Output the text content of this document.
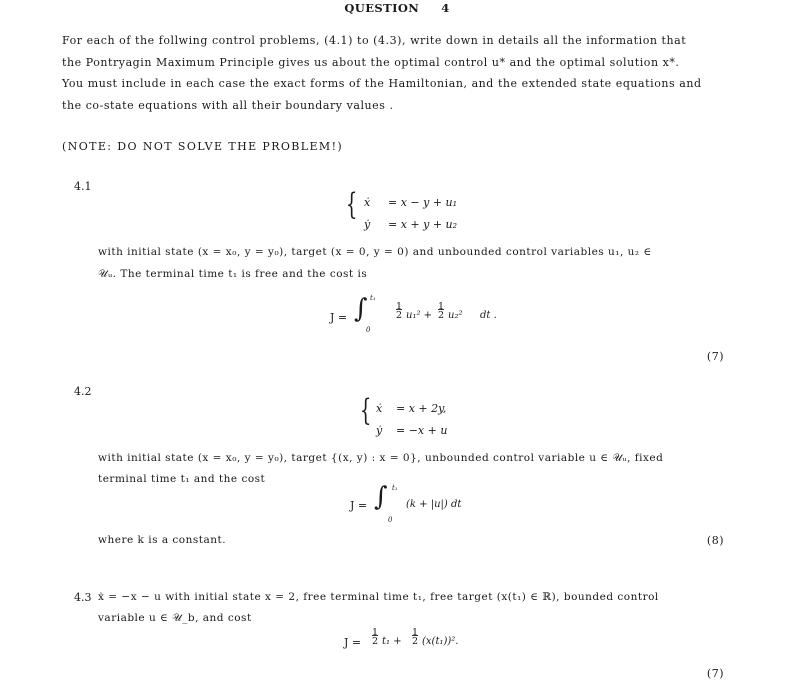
QUESTION 4
For each of the follwing control problems, (4.1) to (4.3), write down in details all the information that
the Pontryagin Maximum Principle gives us about the optimal control u* and the optimal solution x*.
You must include in each case the exact forms of the Hamiltonian, and the extended state equations and
the co-state equations with all their boundary values .
(NOTE: DO NOT SOLVE THE PROBLEM!)
4.1
{ ẋ = x − y + u₁
ẏ = x + y + u₂
with initial state (x = x₀, y = y₀), target (x = 0, y = 0) and unbounded control variables u₁, u₂ ∈
𝒰ᵤ. The terminal time t₁ is free and the cost is
J = ∫ t₁
0
1
2 u₁² +
1
2 u₂² dt .
(7)
4.2
{ ẋ = x + 2y,
ẏ = −x + u
with initial state (x = x₀, y = y₀), target {(x, y) : x = 0}, unbounded control variable u ∈ 𝒰ᵤ, fixed
terminal time t₁ and the cost
J = ∫ t₁
0
(k + |u|) dt
where k is a constant.	(8)
4.3 ẋ = −x − u with initial state x = 2, free terminal time t₁, free target (x(t₁) ∈ ℝ), bounded control
variable u ∈ 𝒰_b, and cost
J =
1
2 t₁ +
1
2 (x(t₁))².
(7)
